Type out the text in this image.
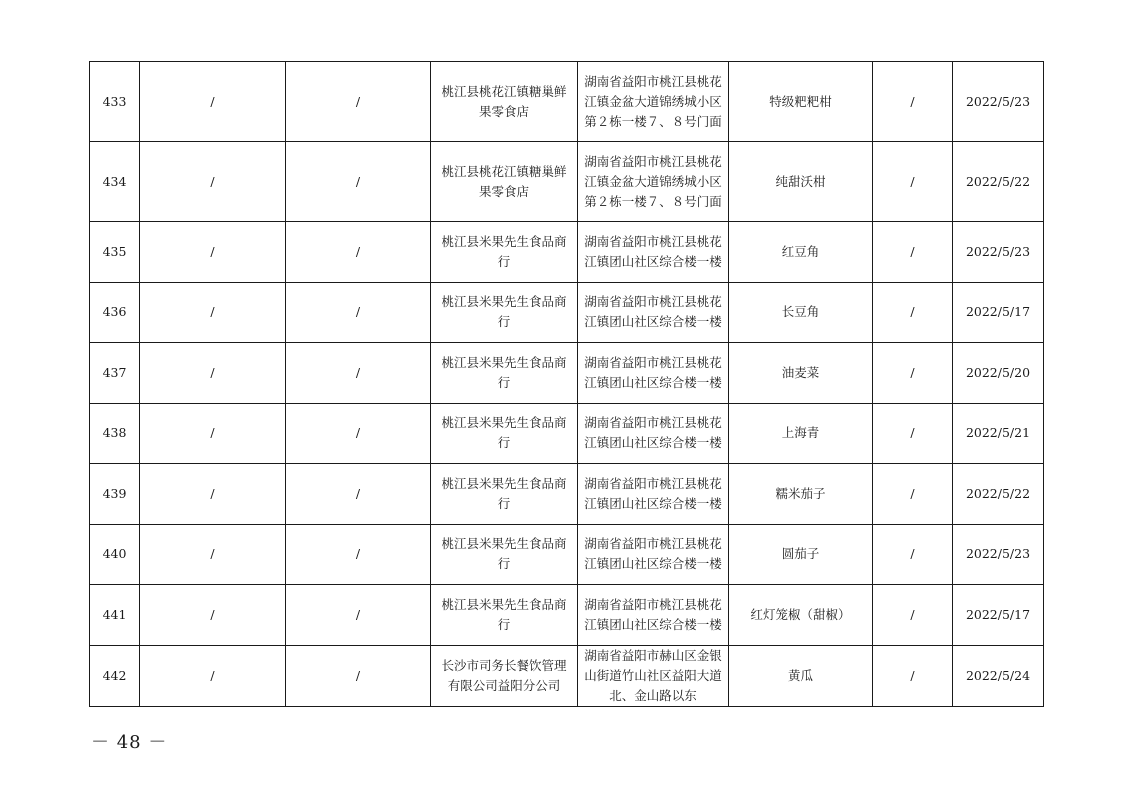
433	/	/	桃江县桃花江镇糖巢鲜果零食店	湖南省益阳市桃江县桃花江镇金盆大道锦绣城小区第２栋一楼７、８号门面	特级粑粑柑	/	2022/5/23
434	/	/	桃江县桃花江镇糖巢鲜果零食店	湖南省益阳市桃江县桃花江镇金盆大道锦绣城小区第２栋一楼７、８号门面	纯甜沃柑	/	2022/5/22
435	/	/	桃江县米果先生食品商行	湖南省益阳市桃江县桃花江镇团山社区综合楼一楼	红豆角	/	2022/5/23
436	/	/	桃江县米果先生食品商行	湖南省益阳市桃江县桃花江镇团山社区综合楼一楼	长豆角	/	2022/5/17
437	/	/	桃江县米果先生食品商行	湖南省益阳市桃江县桃花江镇团山社区综合楼一楼	油麦菜	/	2022/5/20
438	/	/	桃江县米果先生食品商行	湖南省益阳市桃江县桃花江镇团山社区综合楼一楼	上海青	/	2022/5/21
439	/	/	桃江县米果先生食品商行	湖南省益阳市桃江县桃花江镇团山社区综合楼一楼	糯米茄子	/	2022/5/22
440	/	/	桃江县米果先生食品商行	湖南省益阳市桃江县桃花江镇团山社区综合楼一楼	圆茄子	/	2022/5/23
441	/	/	桃江县米果先生食品商行	湖南省益阳市桃江县桃花江镇团山社区综合楼一楼	红灯笼椒（甜椒）	/	2022/5/17
442	/	/	长沙市司务长餐饮管理有限公司益阳分公司	湖南省益阳市赫山区金银山街道竹山社区益阳大道北、金山路以东	黄瓜	/	2022/5/24
－ 48 －
